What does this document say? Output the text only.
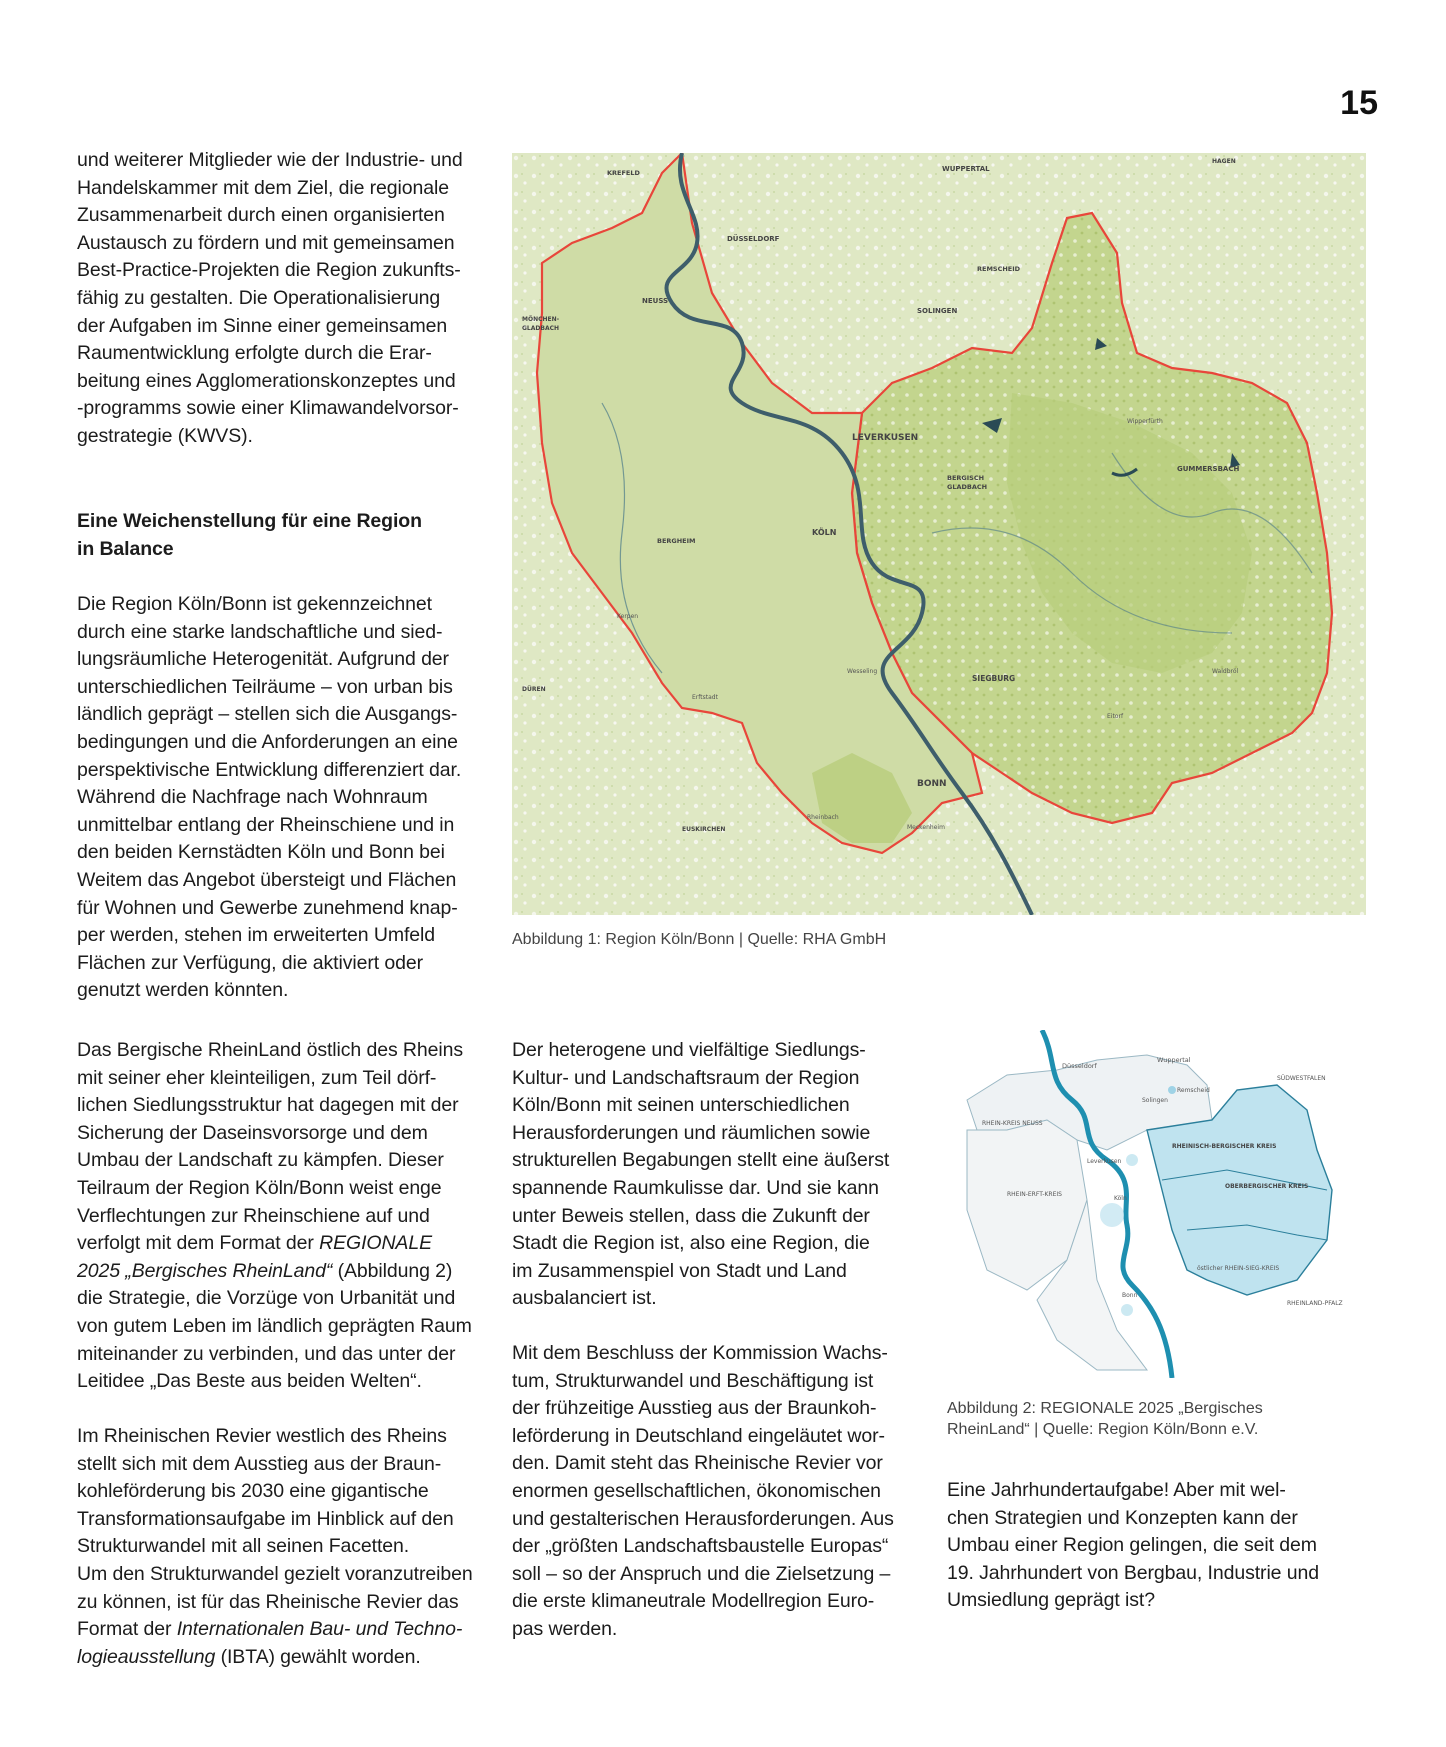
15
und weiterer Mitglieder wie der Industrie- und
Handelskammer mit dem Ziel, die regionale
Zusammenarbeit durch einen organisierten
Austausch zu fördern und mit gemeinsamen
Best-Practice-Projekten die Region zukunfts-
fähig zu gestalten. Die Operationalisierung
der Aufgaben im Sinne einer gemeinsamen
Raumentwicklung erfolgte durch die Erar-
beitung eines Agglomerationskonzeptes und
-programms sowie einer Klimawandelvorsor-
gestrategie (KWVS).
Eine Weichenstellung für eine Region
in Balance
Die Region Köln/Bonn ist gekennzeichnet
durch eine starke landschaftliche und sied-
lungsräumliche Heterogenität. Aufgrund der
unterschiedlichen Teilräume – von urban bis
ländlich geprägt – stellen sich die Ausgangs-
bedingungen und die Anforderungen an eine
perspektivische Entwicklung differenziert dar.
Während die Nachfrage nach Wohnraum
unmittelbar entlang der Rheinschiene und in
den beiden Kernstädten Köln und Bonn bei
Weitem das Angebot übersteigt und Flächen
für Wohnen und Gewerbe zunehmend knap-
per werden, stehen im erweiterten Umfeld
Flächen zur Verfügung, die aktiviert oder
genutzt werden könnten.
Das Bergische RheinLand östlich des Rheins
mit seiner eher kleinteiligen, zum Teil dörf-
lichen Siedlungsstruktur hat dagegen mit der
Sicherung der Daseinsvorsorge und dem
Umbau der Landschaft zu kämpfen. Dieser
Teilraum der Region Köln/Bonn weist enge
Verflechtungen zur Rheinschiene auf und
verfolgt mit dem Format der REGIONALE
2025 „Bergisches RheinLand“ (Abbildung 2)
die Strategie, die Vorzüge von Urbanität und
von gutem Leben im ländlich geprägten Raum
miteinander zu verbinden, und das unter der
Leitidee „Das Beste aus beiden Welten“.
Im Rheinischen Revier westlich des Rheins
stellt sich mit dem Ausstieg aus der Braun-
kohleförderung bis 2030 eine gigantische
Transformationsaufgabe im Hinblick auf den
Strukturwandel mit all seinen Facetten.
Um den Strukturwandel gezielt voranzutreiben
zu können, ist für das Rheinische Revier das
Format der Internationalen Bau- und Techno-
logieausstellung (IBTA) gewählt worden.
Der heterogene und vielfältige Siedlungs-
Kultur- und Landschaftsraum der Region
Köln/Bonn mit seinen unterschiedlichen
Herausforderungen und räumlichen sowie
strukturellen Begabungen stellt eine äußerst
spannende Raumkulisse dar. Und sie kann
unter Beweis stellen, dass die Zukunft der
Stadt die Region ist, also eine Region, die
im Zusammenspiel von Stadt und Land
ausbalanciert ist.
Mit dem Beschluss der Kommission Wachs-
tum, Strukturwandel und Beschäftigung ist
der frühzeitige Ausstieg aus der Braunkoh-
leförderung in Deutschland eingeläutet wor-
den. Damit steht das Rheinische Revier vor
enormen gesellschaftlichen, ökonomischen
und gestalterischen Herausforderungen. Aus
der „größten Landschaftsbaustelle Europas“
soll – so der Anspruch und die Zielsetzung –
die erste klimaneutrale Modellregion Euro-
pas werden.
Eine Jahrhundertaufgabe! Aber mit wel-
chen Strategien und Konzepten kann der
Umbau einer Region gelingen, die seit dem
19. Jahrhundert von Bergbau, Industrie und
Umsiedlung geprägt ist?
KREFELD
DÜSSELDORF
WUPPERTAL
HAGEN
NEUSS
SOLINGEN
REMSCHEID
MÖNCHEN-
GLADBACH
LEVERKUSEN
GUMMERSBACH
BERGISCH
GLADBACH
KÖLN
BERGHEIM
SIEGBURG
BONN
DÜREN
EUSKIRCHEN
Wipperfürth
Kerpen
Wesseling
Erftstadt
Rheinbach
Meckenheim
Eitorf
Waldbröl
Abbildung 1: Region Köln/Bonn | Quelle: RHA GmbH
Düsseldorf
Wuppertal
Remscheid
Solingen
SÜDWESTFALEN
RHEIN-KREIS NEUSS
RHEINISCH-BERGISCHER KREIS
Leverkusen
OBERBERGISCHER KREIS
RHEIN-ERFT-KREIS
Köln
östlicher RHEIN-SIEG-KREIS
Bonn
RHEINLAND-PFALZ
Abbildung 2: REGIONALE 2025 „Bergisches
RheinLand“ | Quelle: Region Köln/Bonn e.V.
